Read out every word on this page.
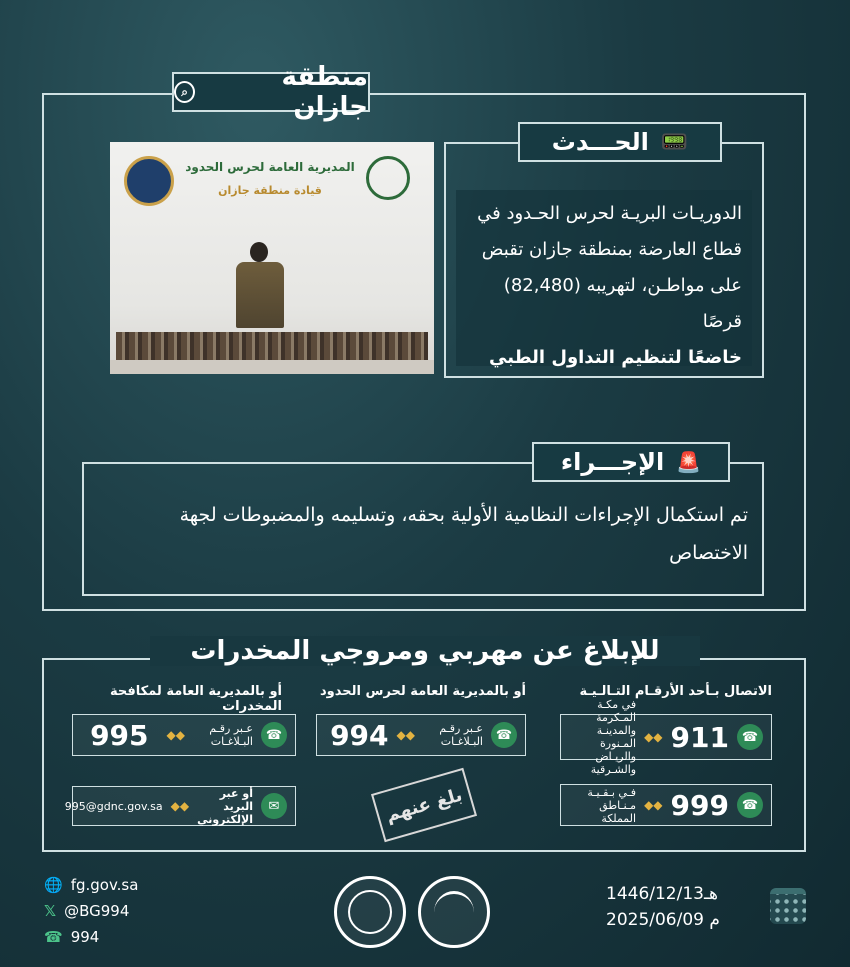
منطقة جازان
⌕
📟
الحـــدث
الدوريـات البريـة لحرس الحـدود في
قطاع العارضة بمنطقة جازان تقبض
على مواطـن، لتهريبه (82,480) قرصًا
خاضعًا لتنظيم التداول الطبي
المديرية العامة لحرس الحدود
قيادة منطقة جازان
🚨
الإجـــراء
تم استكمال الإجراءات النظامية الأولية بحقه، وتسليمه والمضبوطات لجهة الاختصاص
للإبلاغ عن مهربي ومروجي المخدرات
الاتصال بـأحد الأرقـام التـالـيـة
أو بالمديرية العامة لحرس الحدود
أو بالمديرية العامة لمكافحة المخدرات
☎
911
◆◆
في مكـة المـكرمة والمدينـة المـنورة والريـاض والشـرقية
☎
999
◆◆
فـي بـقـيـة مـنـاطق المملكة
☎
عـبر رقـم البـلاغـات
◆◆
994
☎
عـبر رقـم البـلاغـات
◆◆
995
✉
أو عبر البريد الإلكتروني
◆◆
995@gdnc.gov.sa	بلغ عنهم
🌐 fg.gov.sa
𝕏 @BG994
☎ 994
1446/12/13هـ
2025/06/09 م
